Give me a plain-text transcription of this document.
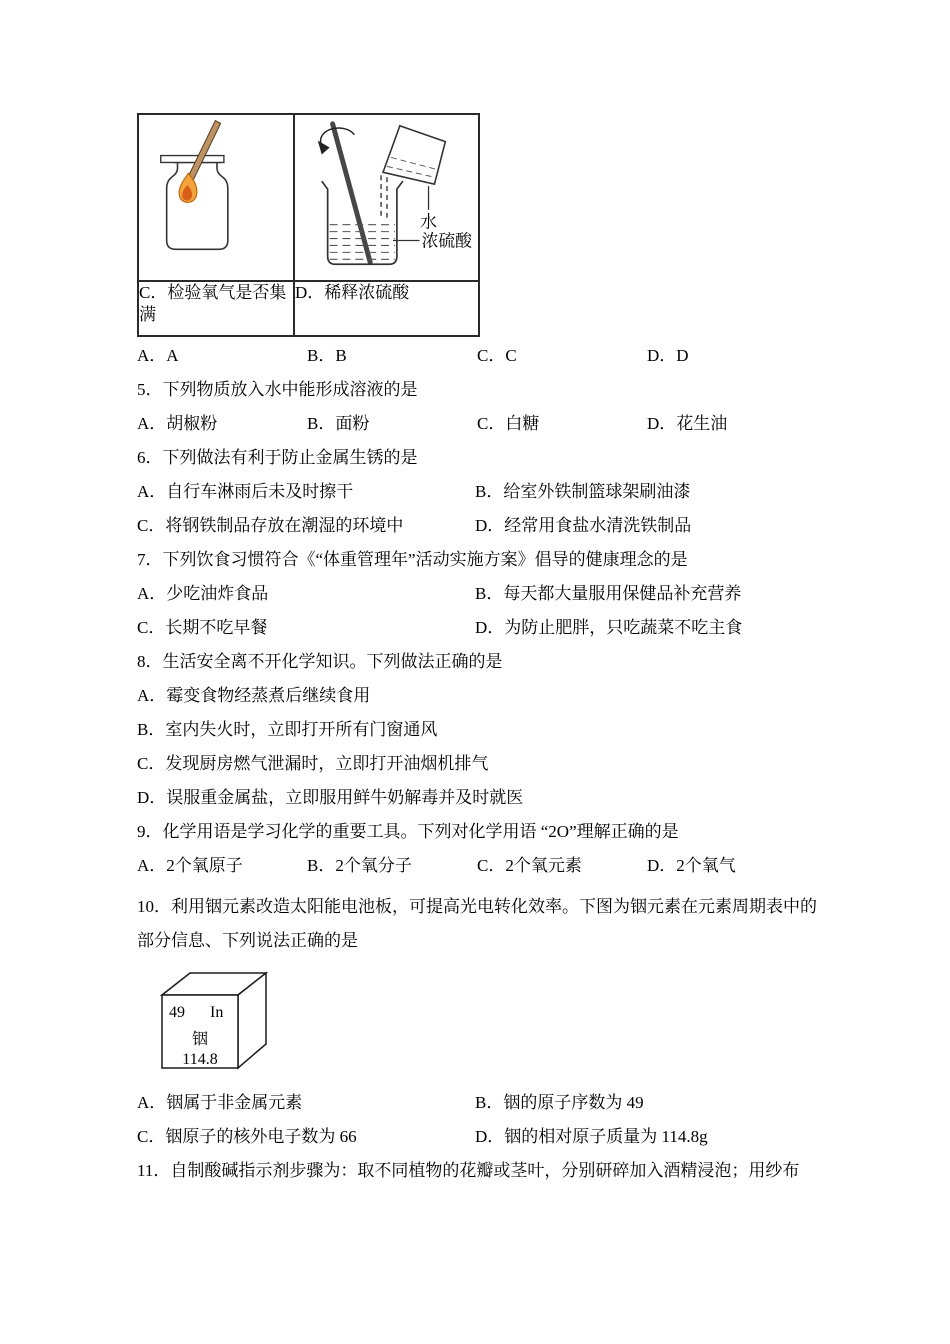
水
浓硫酸

C．检验氧气是否集满	D．稀释浓硫酸
A．A	B．B	C．C	D．D
5．下列物质放入水中能形成溶液的是
A．胡椒粉	B．面粉	C．白糖	D．花生油
6．下列做法有利于防止金属生锈的是
A．自行车淋雨后未及时擦干	B．给室外铁制篮球架刷油漆
C．将钢铁制品存放在潮湿的环境中	D．经常用食盐水清洗铁制品
7．下列饮食习惯符合《“体重管理年”活动实施方案》倡导的健康理念的是
A．少吃油炸食品	B．每天都大量服用保健品补充营养
C．长期不吃早餐	D．为防止肥胖，只吃蔬菜不吃主食
8．生活安全离不开化学知识。下列做法正确的是
A．霉变食物经蒸煮后继续食用
B．室内失火时，立即打开所有门窗通风
C．发现厨房燃气泄漏时，立即打开油烟机排气
D．误服重金属盐，立即服用鲜牛奶解毒并及时就医
9．化学用语是学习化学的重要工具。下列对化学用语 “2O”理解正确的是
A．2个氧原子	B．2个氧分子	C．2个氧元素	D．2个氧气
10．利用铟元素改造太阳能电池板，可提高光电转化效率。下图为铟元素在元素周期表中的部分信息、下列说法正确的是
49 In
铟
114.8
A．铟属于非金属元素	B．铟的原子序数为 49
C．铟原子的核外电子数为 66	D．铟的相对原子质量为 114.8g
11．自制酸碱指示剂步骤为：取不同植物的花瓣或茎叶，分别研碎加入酒精浸泡；用纱布
